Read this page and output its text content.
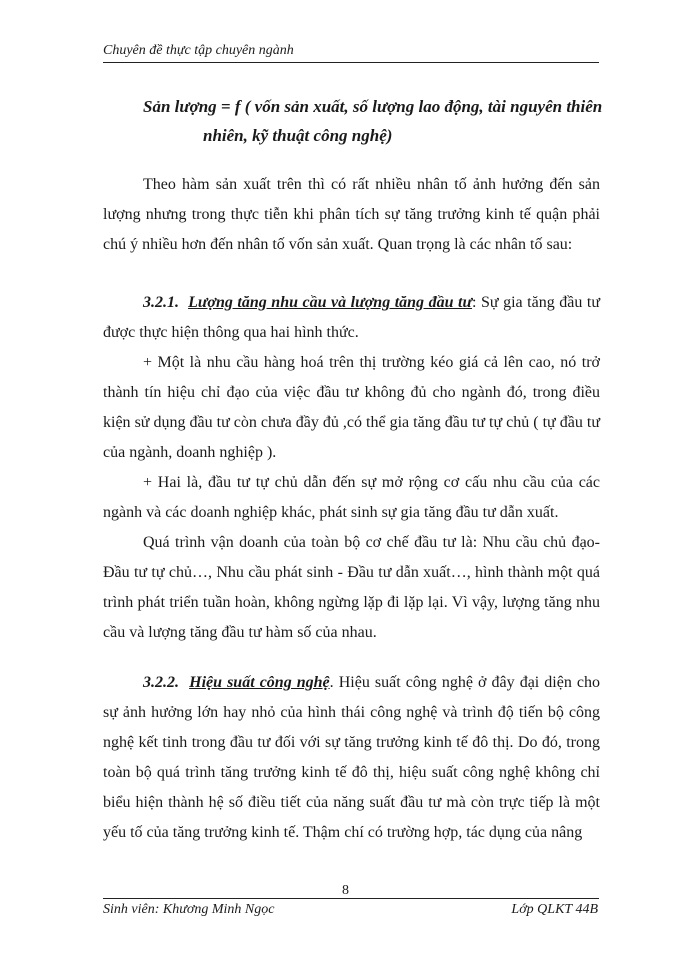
Chuyên đề thực tập chuyên ngành
Sản lượng = f ( vốn sản xuất, số lượng lao động, tài nguyên thiên
nhiên, kỹ thuật công nghệ)

Theo hàm sản xuất trên thì có rất nhiều nhân tố ảnh hưởng đến sản lượng nhưng trong thực tiễn khi phân tích sự tăng trưởng kinh tế quận phải chú ý nhiều hơn đến nhân tố vốn sản xuất. Quan trọng là các nhân tố sau:

3.2.1. Lượng tăng nhu cầu và lượng tăng đầu tư: Sự gia tăng đầu tư được thực hiện thông qua hai hình thức.

+ Một là nhu cầu hàng hoá trên thị trường kéo giá cả lên cao, nó trở thành tín hiệu chỉ đạo của việc đầu tư không đủ cho ngành đó, trong điều kiện sử dụng đầu tư còn chưa đầy đủ ,có thể gia tăng đầu tư tự chủ ( tự đầu tư của ngành, doanh nghiệp ).

+ Hai là, đầu tư tự chủ dẫn đến sự mở rộng cơ cấu nhu cầu của các ngành và các doanh nghiệp khác, phát sinh sự gia tăng đầu tư dẫn xuất.

Quá trình vận doanh của toàn bộ cơ chế đầu tư là: Nhu cầu chủ đạo- Đầu tư tự chủ…, Nhu cầu phát sinh - Đầu tư dẫn xuất…, hình thành một quá trình phát triển tuần hoàn, không ngừng lặp đi lặp lại. Vì vậy, lượng tăng nhu cầu và lượng tăng đầu tư hàm số của nhau.

3.2.2. Hiệu suất công nghệ. Hiệu suất công nghệ ở đây đại diện cho sự ảnh hưởng lớn hay nhỏ của hình thái công nghệ và trình độ tiến bộ công nghệ kết tinh trong đầu tư đối với sự tăng trưởng kinh tế đô thị. Do đó, trong toàn bộ quá trình tăng trưởng kinh tế đô thị, hiệu suất công nghệ không chỉ biểu hiện thành hệ số điều tiết của năng suất đầu tư mà còn trực tiếp là một yếu tố của tăng trưởng kinh tế. Thậm chí có trường hợp, tác dụng của nâng

8
Sinh viên: Khương Minh Ngọc	Lớp QLKT 44B
